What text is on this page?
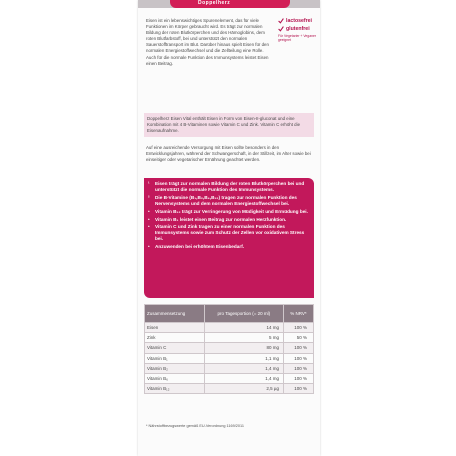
Doppelherz
Eisen ist ein lebenswichtiges Spurenelement, das für viele Funktionen im Körper gebraucht wird. Es trägt zur normalen Bildung der roten Blutkörperchen und des Hämoglobins, dem roten Blutfarbstoff, bei und unterstützt den normalen Sauerstofftransport im Blut. Darüber hinaus spielt Eisen für den normalen Energiestoffwechsel und die Zellteilung eine Rolle. Auch für die normale Funktion des Immunsystems leistet Eisen einen Beitrag.
lactosefrei
glutenfrei
Für Vegetarier + Veganer geeignet
Doppelherz Eisen Vital enthält Eisen in Form von Eisen-II-gluconat und eine Kombination mit 4 B-Vitaminen sowie Vitamin C und Zink. Vitamin C erhöht die Eisenaufnahme.
Auf eine ausreichende Versorgung mit Eisen sollte besonders in den Entwicklungsjahren, während der Schwangerschaft, in der Stillzeit, im Alter sowie bei einseitiger oder vegetarischer Ernährung geachtet werden.
¹	Eisen trägt zur normalen Bildung der roten Blutkörperchen bei und unterstützt die normale Funktion des Immunsystems.
²	Die B-Vitamine (B₁,B₂,B₆,B₁₂) tragen zur normalen Funktion des Nervensystems und dem normalen Energiestoffwechsel bei.
•	Vitamin B₁₂ trägt zur Verringerung von Müdigkeit und Ermüdung bei.
•	Vitamin B₁ leistet einen Beitrag zur normalen Herzfunktion.
•	Vitamin C und Zink tragen zu einer normalen Funktion des Immunsystems sowie zum Schutz der Zellen vor oxidativem Stress bei.
•	Anzuwenden bei erhöhtem Eisenbedarf.
Zusammensetzung	pro Tagesportion (= 20 ml)	% NRV*
Eisen	14 mg	100 %
Zink	5 mg	50 %
Vitamin C	80 mg	100 %
Vitamin B₁	1,1 mg	100 %
Vitamin B₂	1,4 mg	100 %
Vitamin B₆	1,4 mg	100 %
Vitamin B₁₂	2,5 µg	100 %
* Nährstoffbezugswerte gemäß EU-Verordnung 1169/2011
